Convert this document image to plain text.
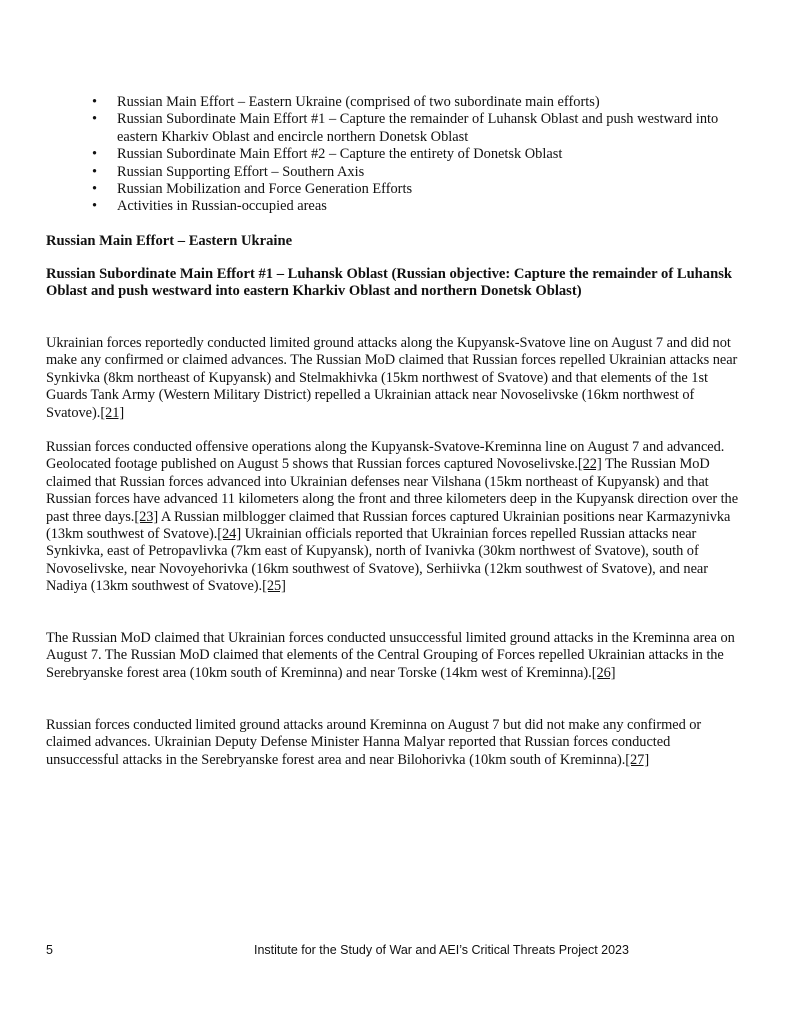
• Russian Main Effort – Eastern Ukraine (comprised of two subordinate main efforts)
• Russian Subordinate Main Effort #1 – Capture the remainder of Luhansk Oblast and push westward into eastern Kharkiv Oblast and encircle northern Donetsk Oblast
• Russian Subordinate Main Effort #2 – Capture the entirety of Donetsk Oblast
• Russian Supporting Effort – Southern Axis
• Russian Mobilization and Force Generation Efforts
• Activities in Russian-occupied areas
Russian Main Effort – Eastern Ukraine
Russian Subordinate Main Effort #1 – Luhansk Oblast (Russian objective: Capture the remainder of Luhansk Oblast and push westward into eastern Kharkiv Oblast and northern Donetsk Oblast)

Ukrainian forces reportedly conducted limited ground attacks along the Kupyansk-Svatove line on August 7 and did not make any confirmed or claimed advances. The Russian MoD claimed that Russian forces repelled Ukrainian attacks near Synkivka (8km northeast of Kupyansk) and Stelmakhivka (15km northwest of Svatove) and that elements of the 1st Guards Tank Army (Western Military District) repelled a Ukrainian attack near Novoselivske (16km northwest of Svatove).[21]

Russian forces conducted offensive operations along the Kupyansk-Svatove-Kreminna line on August 7 and advanced. Geolocated footage published on August 5 shows that Russian forces captured Novoselivske.[22] The Russian MoD claimed that Russian forces advanced into Ukrainian defenses near Vilshana (15km northeast of Kupyansk) and that Russian forces have advanced 11 kilometers along the front and three kilometers deep in the Kupyansk direction over the past three days.[23] A Russian milblogger claimed that Russian forces captured Ukrainian positions near Karmazynivka (13km southwest of Svatove).[24] Ukrainian officials reported that Ukrainian forces repelled Russian attacks near Synkivka, east of Petropavlivka (7km east of Kupyansk), north of Ivanivka (30km northwest of Svatove), south of Novoselivske, near Novoyehorivka (16km southwest of Svatove), Serhiivka (12km southwest of Svatove), and near Nadiya (13km southwest of Svatove).[25]

The Russian MoD claimed that Ukrainian forces conducted unsuccessful limited ground attacks in the Kreminna area on August 7. The Russian MoD claimed that elements of the Central Grouping of Forces repelled Ukrainian attacks in the Serebryanske forest area (10km south of Kreminna) and near Torske (14km west of Kreminna).[26]

Russian forces conducted limited ground attacks around Kreminna on August 7 but did not make any confirmed or claimed advances. Ukrainian Deputy Defense Minister Hanna Malyar reported that Russian forces conducted unsuccessful attacks in the Serebryanske forest area and near Bilohorivka (10km south of Kreminna).[27]

5	Institute for the Study of War and AEI’s Critical Threats Project 2023
